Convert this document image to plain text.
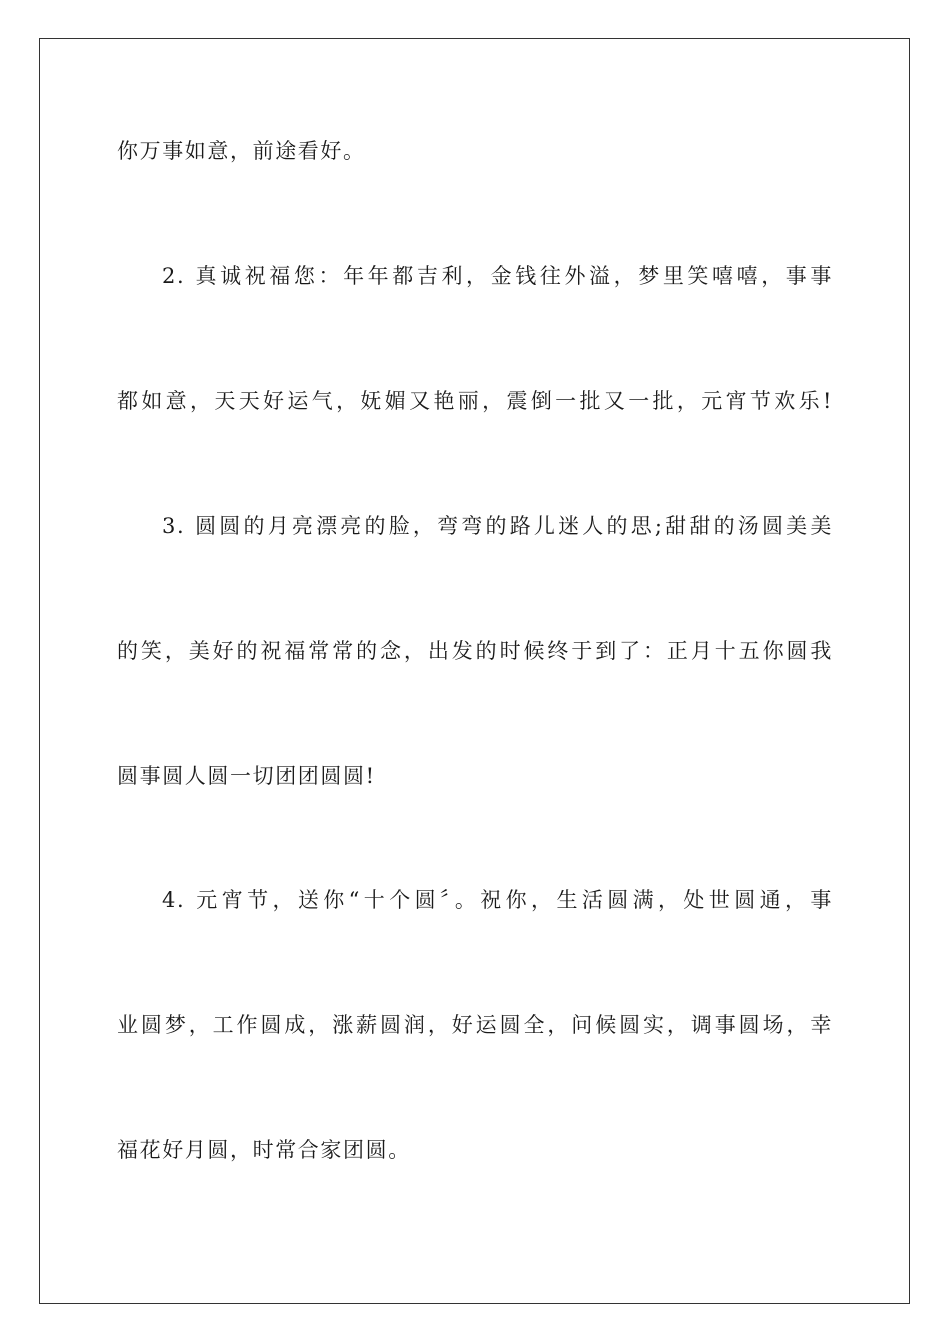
你万事如意，前途看好。
2. 真诚祝福您：年年都吉利，金钱往外溢，梦里笑嘻嘻，事事
都如意，天天好运气，妩媚又艳丽，震倒一批又一批，元宵节欢乐!
3. 圆圆的月亮漂亮的脸，弯弯的路儿迷人的思;甜甜的汤圆美美
的笑，美好的祝福常常的念，出发的时候终于到了：正月十五你圆我
圆事圆人圆一切团团圆圆!
4. 元宵节，送你“十个圆〞。祝你，生活圆满，处世圆通，事
业圆梦，工作圆成，涨薪圆润，好运圆全，问候圆实，调事圆场，幸
福花好月圆，时常合家团圆。
